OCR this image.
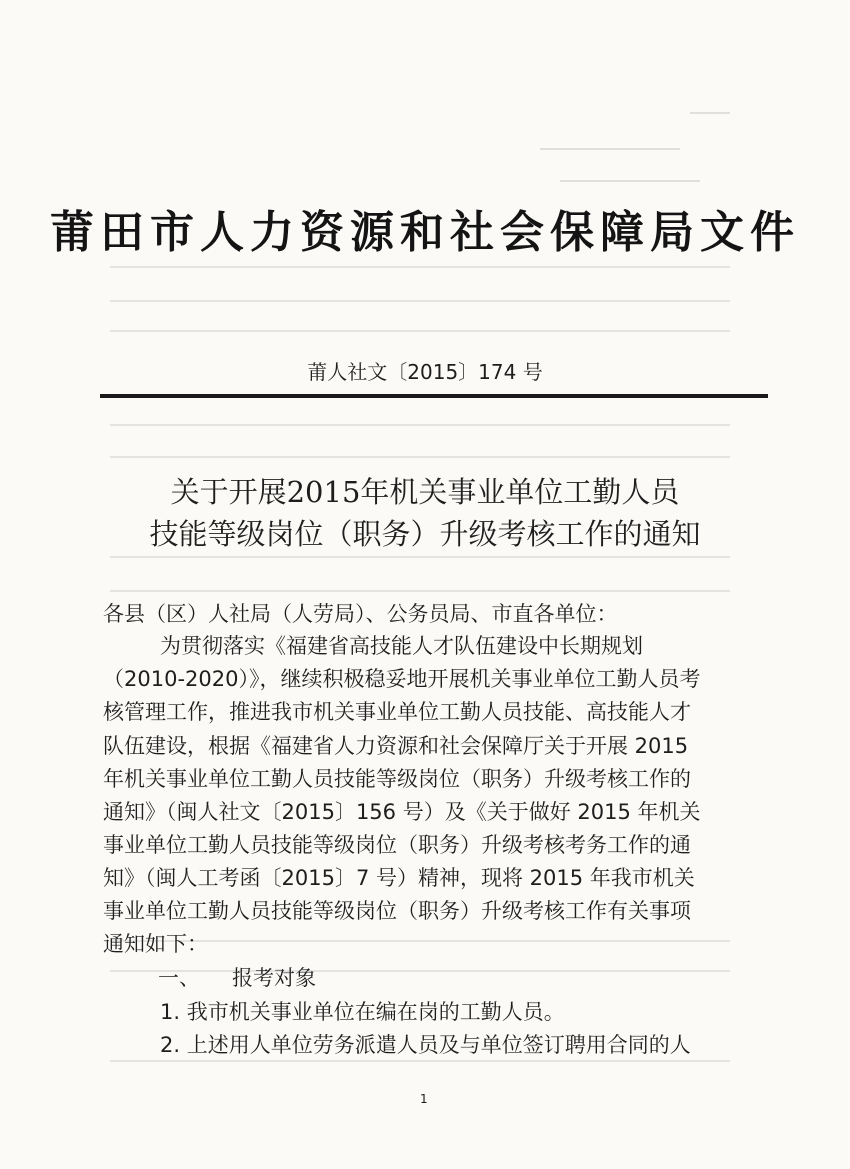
莆田市人力资源和社会保障局文件
莆人社文〔2015〕174 号
关于开展2015年机关事业单位工勤人员
技能等级岗位（职务）升级考核工作的通知
各县（区）人社局（人劳局）、公务员局、市直各单位：
为贯彻落实《福建省高技能人才队伍建设中长期规划
（2010-2020）》，继续积极稳妥地开展机关事业单位工勤人员考
核管理工作，推进我市机关事业单位工勤人员技能、高技能人才
队伍建设，根据《福建省人力资源和社会保障厅关于开展 2015
年机关事业单位工勤人员技能等级岗位（职务）升级考核工作的
通知》（闽人社文〔2015〕156 号）及《关于做好 2015 年机关
事业单位工勤人员技能等级岗位（职务）升级考核考务工作的通
知》（闽人工考函〔2015〕7 号）精神，现将 2015 年我市机关
事业单位工勤人员技能等级岗位（职务）升级考核工作有关事项
通知如下：
一、 报考对象
1. 我市机关事业单位在编在岗的工勤人员。
2. 上述用人单位劳务派遣人员及与单位签订聘用合同的人
1
